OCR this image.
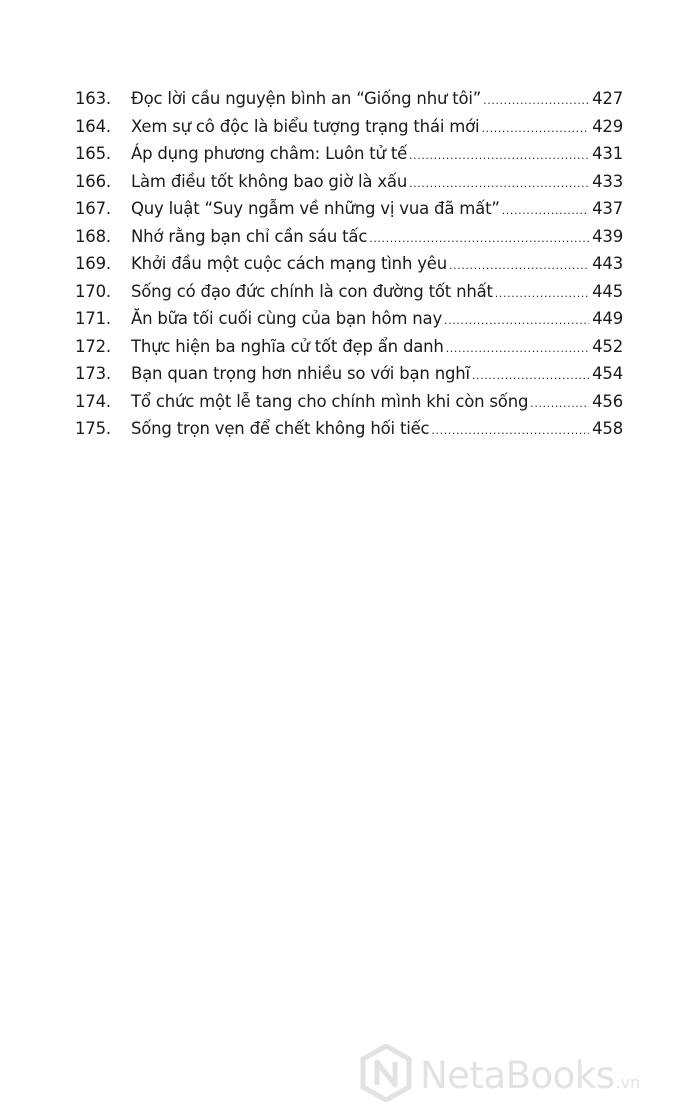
163.	Đọc lời cầu nguyện bình an “Giống như tôi” .....	427
164.	Xem sự cô độc là biểu tượng trạng thái mới .....	429
165.	Áp dụng phương châm: Luôn tử tế .....	431
166.	Làm điều tốt không bao giờ là xấu .....	433
167.	Quy luật “Suy ngẫm về những vị vua đã mất” .....	437
168.	Nhớ rằng bạn chỉ cần sáu tấc .....	439
169.	Khởi đầu một cuộc cách mạng tình yêu .....	443
170.	Sống có đạo đức chính là con đường tốt nhất .....	445
171.	Ăn bữa tối cuối cùng của bạn hôm nay .....	449
172.	Thực hiện ba nghĩa cử tốt đẹp ẩn danh .....	452
173.	Bạn quan trọng hơn nhiều so với bạn nghĩ .....	454
174.	Tổ chức một lễ tang cho chính mình khi còn sống .....	456
175.	Sống trọn vẹn để chết không hối tiếc .....	458
NetaBooks .vn
